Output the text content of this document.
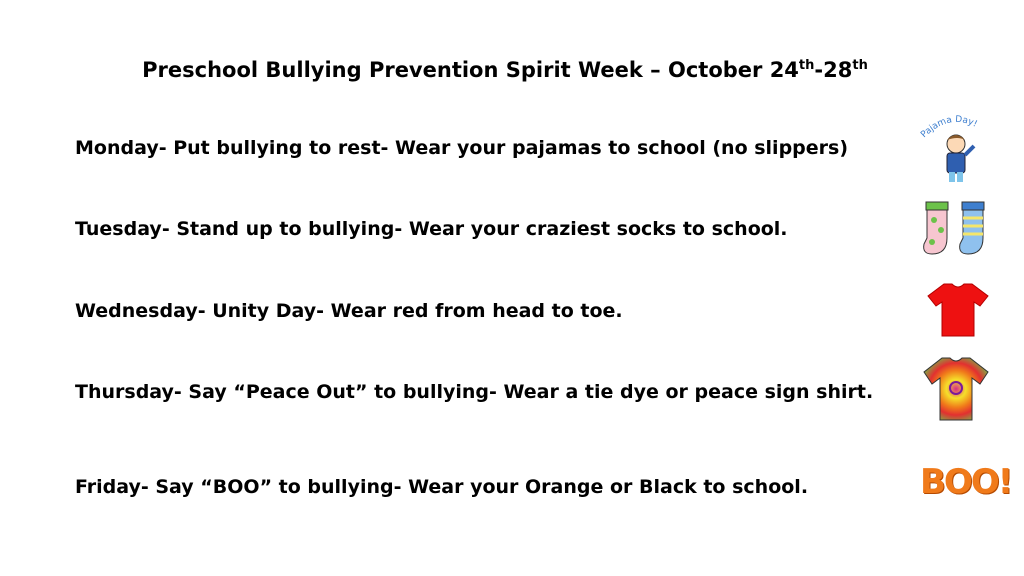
Preschool Bullying Prevention Spirit Week – October 24th-28th
Monday- Put bullying to rest- Wear your pajamas to school (no slippers)
Tuesday- Stand up to bullying- Wear your craziest socks to school.
Wednesday- Unity Day- Wear red from head to toe.
Thursday- Say “Peace Out” to bullying- Wear a tie dye or peace sign shirt.
Friday- Say “BOO” to bullying- Wear your Orange or Black to school.
Pajama Day!
BOO!
